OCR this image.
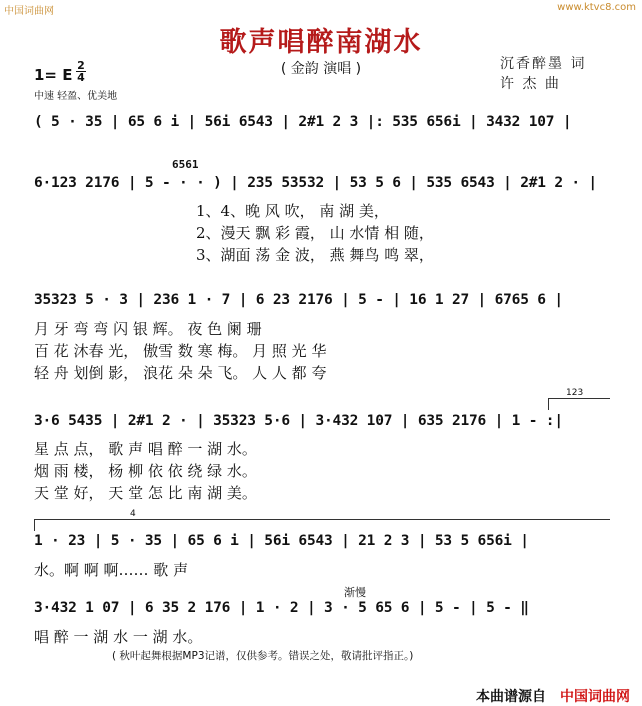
中国词曲网	www.ktvc8.com
歌声唱醉南湖水
( 金韵 演唱 )	沉香醉墨 词
许 杰 曲
1= E
2
4
中速 轻盈、优美地
( 5 · 35 | 65 6 i | 56i 6543 | 2#1 2 3 |: 535 656i | 3432 107 |
6561
6·123 2176 | 5 - · · ) | 235 53532 | 53 5 6 | 535 6543 | 2#1 2 · |
1、4、晚 风 吹， 南 湖 美，
2、漫天 飘 彩 霞， 山 水情 相 随，
3、湖面 荡 金 波， 燕 舞鸟 鸣 翠，
35323 5 · 3 | 236 1 · 7 | 6 23 2176 | 5 - | 16 1 27 | 6765 6 |
月 牙 弯 弯 闪 银 辉。 夜 色 阑 珊
百 花 沐春 光， 傲雪 数 寒 梅。 月 照 光 华
轻 舟 划倒 影， 浪花 朵 朵 飞。 人 人 都 夸
123
3·6 5435 | 2#1 2 · | 35323 5·6 | 3·432 107 | 635 2176 | 1 - :|
星 点 点， 歌 声 唱 醉 一 湖 水。
烟 雨 楼， 杨 柳 依 依 绕 绿 水。
天 堂 好， 天 堂 怎 比 南 湖 美。
4
1 · 23 | 5 · 35 | 65 6 i | 56i 6543 | 21 2 3 | 53 5 656i |
水。啊 啊 啊…… 歌 声
渐慢
3·432 1 07 | 6 35 2 176 | 1 · 2 | 3 · 5 65 6 | 5 - | 5 - ‖
唱 醉 一 湖 水 一 湖 水。
( 秋叶起舞根据MP3记谱，仅供参考。错误之处，敬请批评指正。)
本曲谱源自 中国词曲网
